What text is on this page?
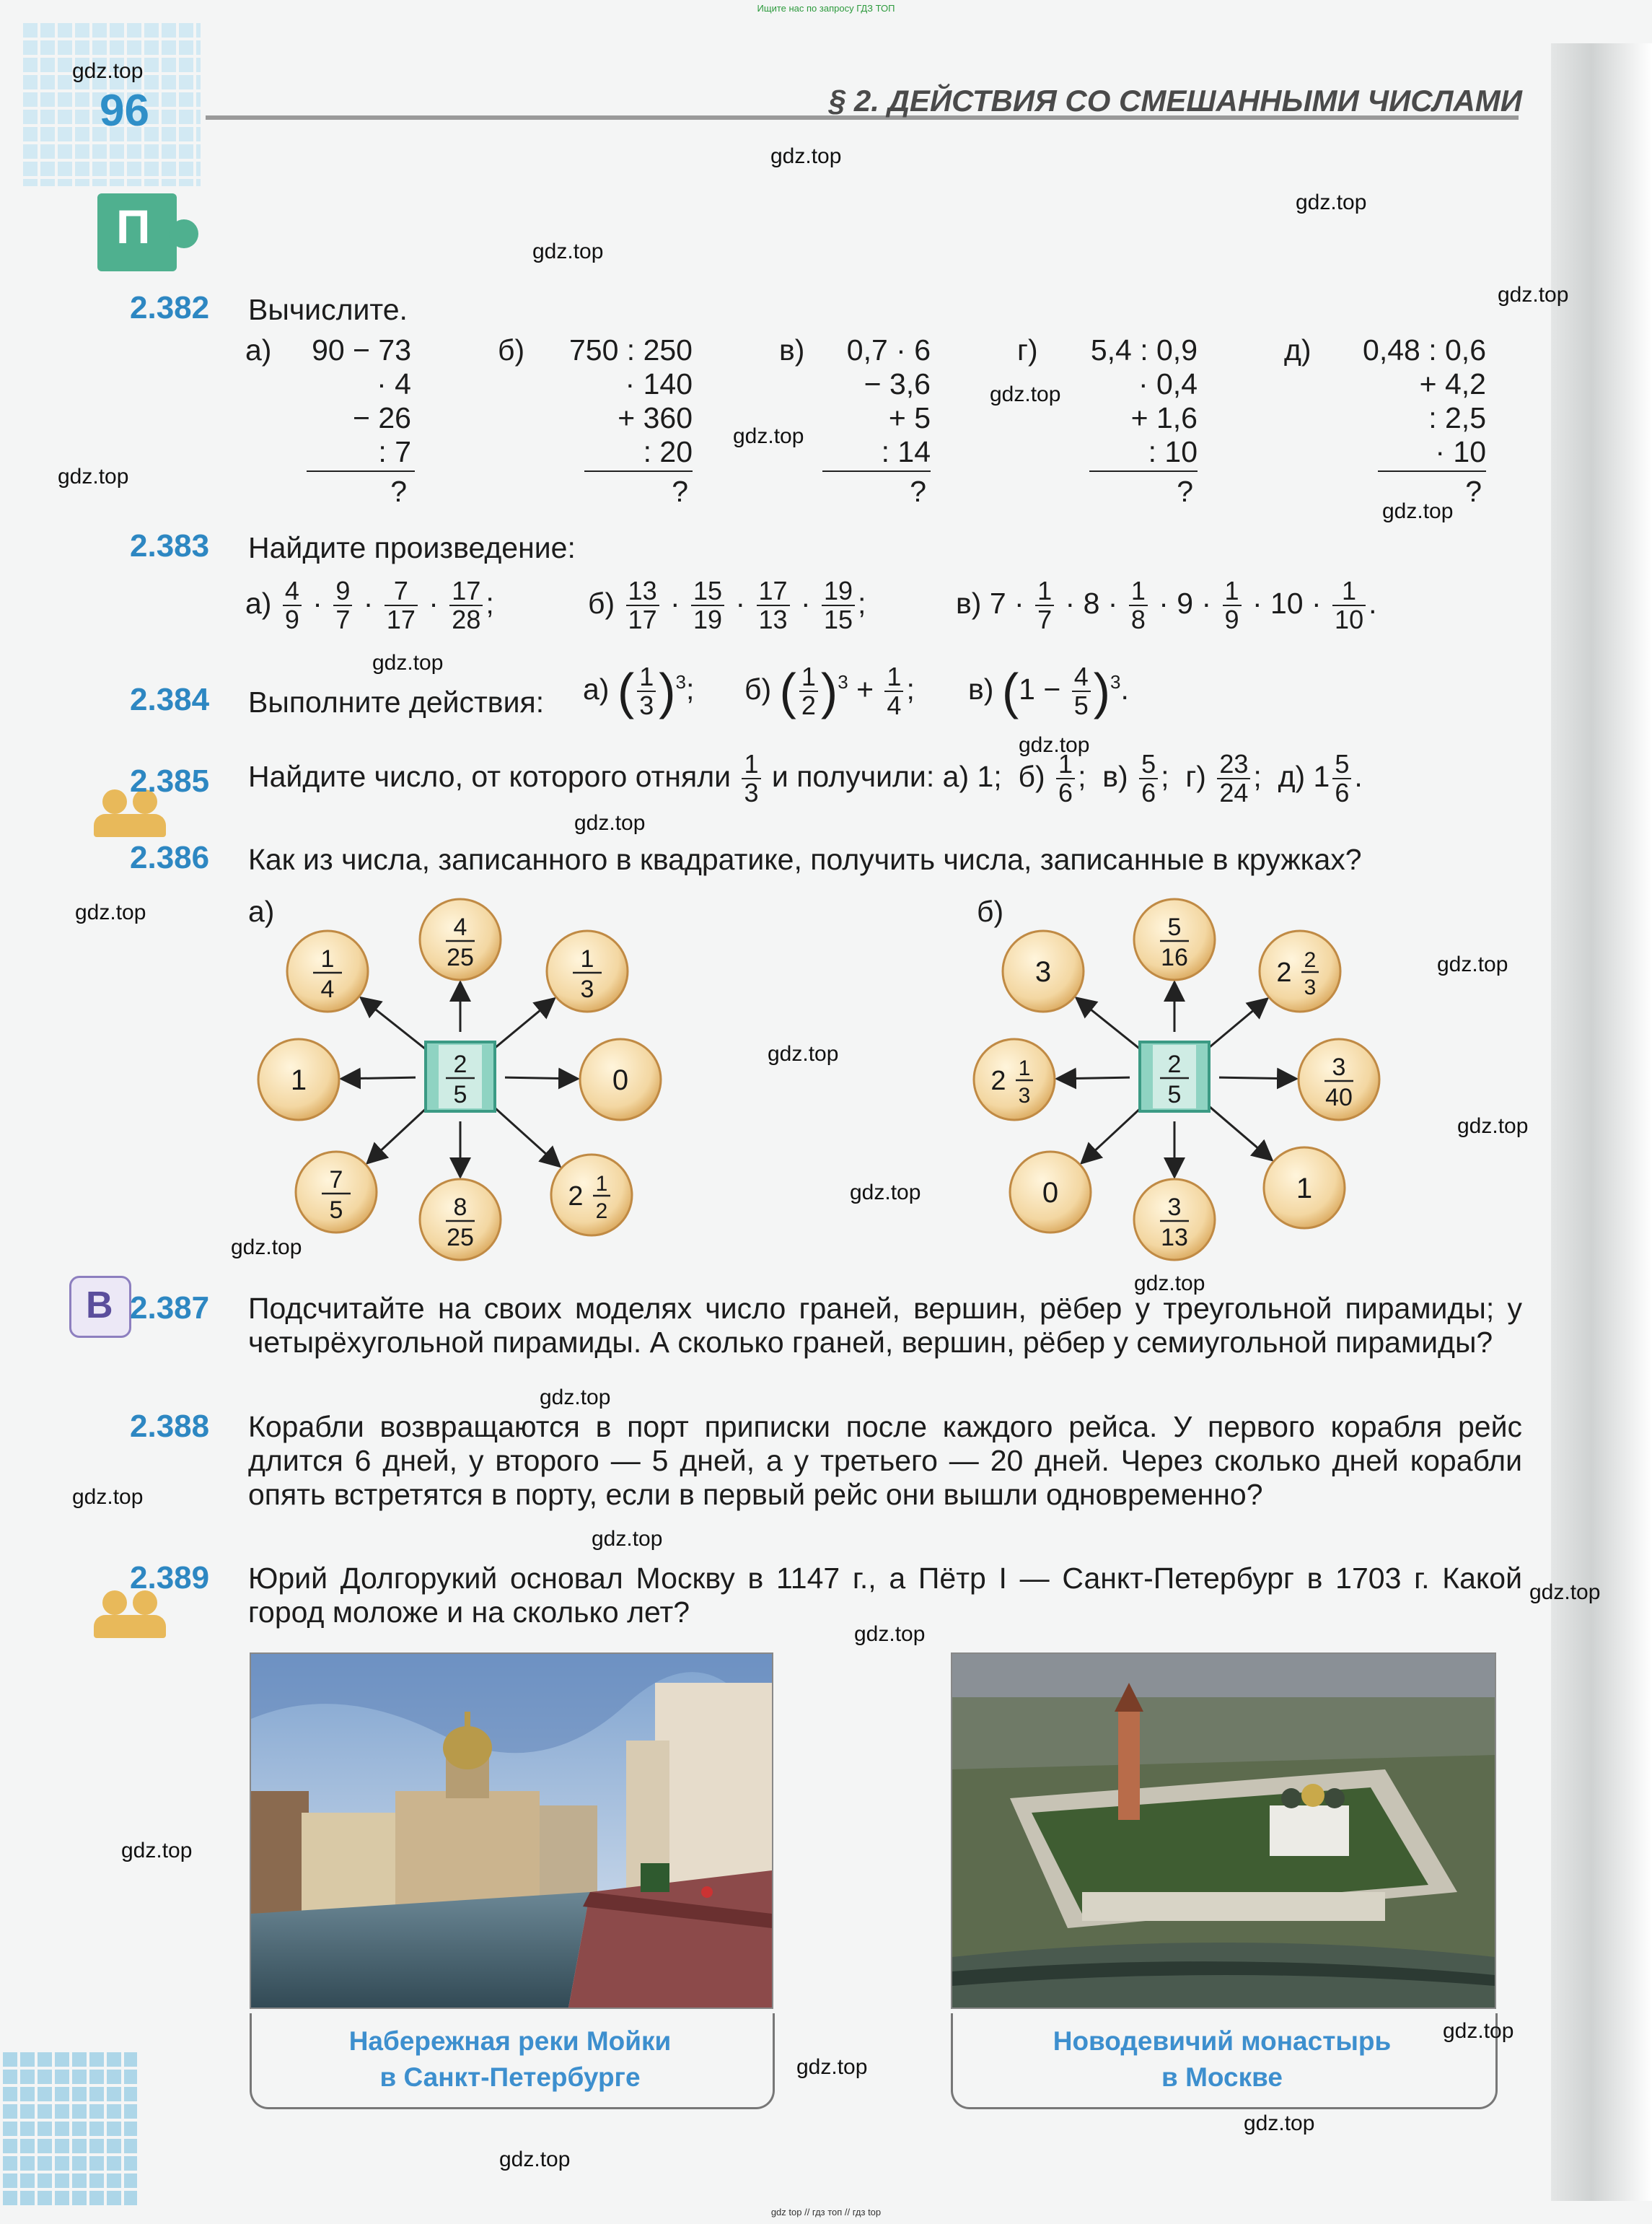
Ищите нас по запросу ГДЗ ТОП
96	§ 2. ДЕЙСТВИЯ СО СМЕШАННЫМИ ЧИСЛАМИ
П
2.382 Вычислите.
а) 90 − 73
· 4
− 26
: 7
?
б) 750 : 250
· 140
+ 360
: 20
?
в) 0,7 · 6
− 3,6
+ 5
: 14
?
г) 5,4 : 0,9
· 0,4
+ 1,6
: 10
?
д) 0,48 : 0,6
+ 4,2
: 2,5
· 10
?
2.383 Найдите произведение:
$а) \frac{4}{9} \cdot \frac{9}{7} \cdot \frac{7}{17} \cdot \frac{17}{28}$ ;	$б) \frac{13}{17} \cdot \frac{15}{19} \cdot \frac{17}{13} \cdot \frac{19}{15}$ ;	в) $7 \cdot \frac{1}{7} \cdot 8 \cdot \frac{1}{8} \cdot 9 \cdot \frac{1}{9} \cdot 10 \cdot \frac{1}{10}$ .
2.384 Выполните действия: а) ( $\frac{1}{3} )^3$; б) ( $\frac{1}{2} )^3 + \frac{1}{4}$ ; в) $(1 - \frac{4}{5} )^3$.
2.385 Найдите число, от которого отняли $\frac{1}{3}$ и получили: а) 1; $б) \frac{1}{6}$ ;  $в) \frac{5}{6}$ ;  $г) \frac{23}{24}$ ;  д) $1 \frac{5}{6}$ .
2.386 Как из числа, записанного в квадратике, получить числа, записанные в кружках?
а)	б)
1
4
4
25	1
3
0
2 1
2
8
25
7
5
1	2
5
5
16	2 2
3
3
40
1
3
13
0
2 1
3
3
2
5
В 2.387 Подсчитайте на своих моделях число граней, вершин, рёбер у треугольной пирамиды; у четырёхугольной пирамиды. А сколько граней, вершин, рёбер у семиугольной пирамиды?
2.388 Корабли возвращаются в порт приписки после каждого рейса. У первого корабля рейс длится 6 дней, у второго — 5 дней, а у третьего — 20 дней. Через сколько дней корабли опять встретятся в порту, если в первый рейс они вышли одновременно?
2.389 Юрий Долгорукий основал Москву в 1147 г., а Пётр I — Санкт-Петербург в 1703 г. Какой город моложе и на сколько лет?
Набережная реки Мойки
в Санкт-Петербурге
Новодевичий монастырь
в Москве
gdz.top
gdz.top
gdz.top
gdz.top
gdz.top
gdz.top
gdz.top
gdz.top
gdz.top
gdz.top
gdz.top
gdz.top
gdz.top
gdz.top
gdz.top
gdz.top
gdz.top
gdz.top
gdz.top
gdz.top
gdz.top
gdz.top
gdz.top
gdz.top
gdz.top
gdz.top
gdz.top
gdz.top
gdz.top
gdz top // гдз топ // гдз top
